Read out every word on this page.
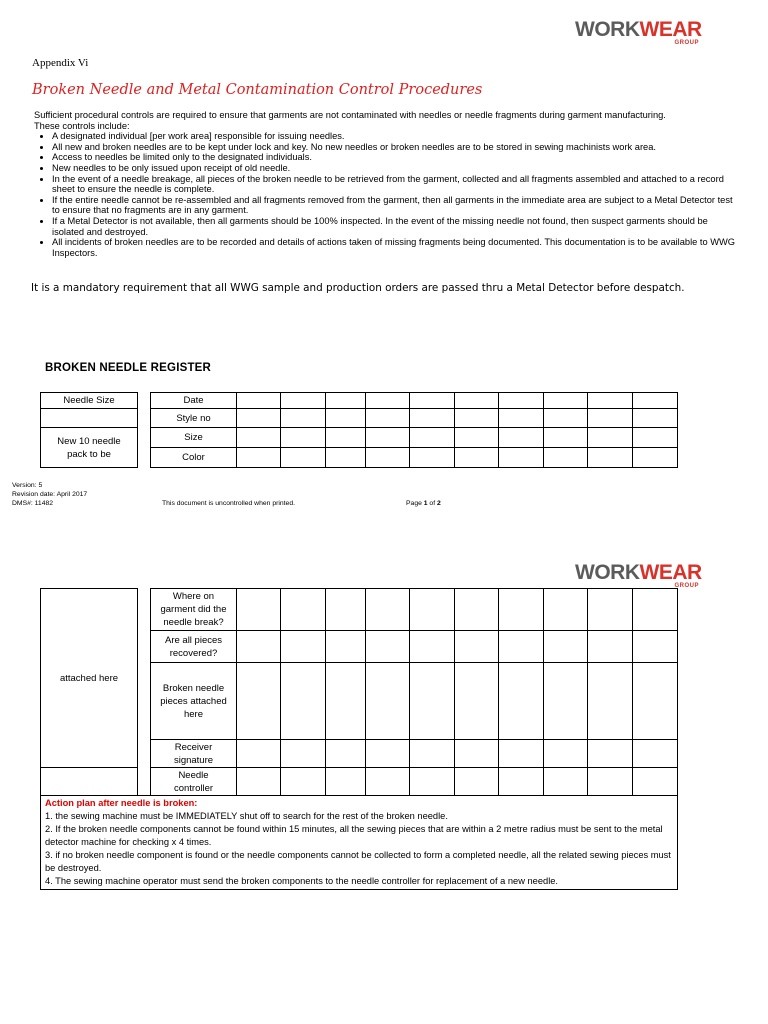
WORKWEAR
GROUP
Appendix Vi
Broken Needle and Metal Contamination Control Procedures
Sufficient procedural controls are required to ensure that garments are not contaminated with needles or needle fragments during garment manufacturing.
These controls include:
• A designated individual [per work area] responsible for issuing needles.
• All new and broken needles are to be kept under lock and key. No new needles or broken needles are to be stored in sewing machinists work area.
• Access to needles be limited only to the designated individuals.
• New needles to be only issued upon receipt of old needle.
• In the event of a needle breakage, all pieces of the broken needle to be retrieved from the garment, collected and all fragments assembled and attached to a record sheet to ensure the needle is complete.
• If the entire needle cannot be re-assembled and all fragments removed from the garment, then all garments in the immediate area are subject to a Metal Detector test to ensure that no fragments are in any garment.
• If a Metal Detector is not available, then all garments should be 100% inspected. In the event of the missing needle not found, then suspect garments should be isolated and destroyed.
• All incidents of broken needles are to be recorded and details of actions taken of missing fragments being documented. This documentation is to be available to WWG Inspectors.
It is a mandatory requirement that all WWG sample and production orders are passed thru a Metal Detector before despatch.
BROKEN NEEDLE REGISTER
Needle Size		Date										
		Style no										
New 10 needle pack to be		Size										
		Color										
Version: 5
Revision date: April 2017
DMS#: 11482	This document is uncontrolled when printed.	Page 1 of 2
WORKWEAR
GROUP
attached here		Where on garment did the needle break?										
		Are all pieces recovered?										
		Broken needle pieces attached here										
		Receiver signature										
		Needle controller										

Action plan after needle is broken:
1. the sewing machine must be IMMEDIATELY shut off to search for the rest of the broken needle.
2. If the broken needle components cannot be found within 15 minutes, all the sewing pieces that are within a 2 metre radius must be sent to the metal detector machine for checking x 4 times.
3. if no broken needle component is found or the needle components cannot be collected to form a completed needle, all the related sewing pieces must be destroyed.
4. The sewing machine operator must send the broken components to the needle controller for replacement of a new needle.												
